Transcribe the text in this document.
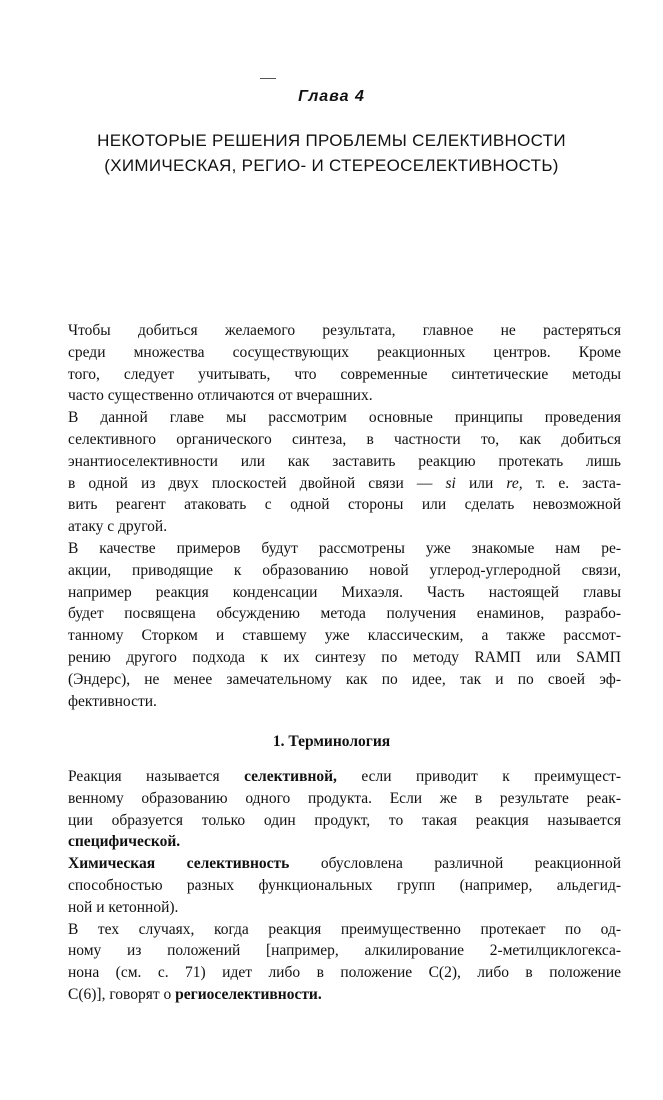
Глава 4
НЕКОТОРЫЕ РЕШЕНИЯ ПРОБЛЕМЫ СЕЛЕКТИВНОСТИ
(ХИМИЧЕСКАЯ, РЕГИО- И СТЕРЕОСЕЛЕКТИВНОСТЬ)
Чтобы добиться желаемого результата, главное не растеряться
среди множества сосуществующих реакционных центров. Кроме
того, следует учитывать, что современные синтетические методы
часто существенно отличаются от вчерашних.
В данной главе мы рассмотрим основные принципы проведения
селективного органического синтеза, в частности то, как добиться
энантиоселективности или как заставить реакцию протекать лишь
в одной из двух плоскостей двойной связи — si или re, т. е. заста-
вить реагент атаковать с одной стороны или сделать невозможной
атаку с другой.
В качестве примеров будут рассмотрены уже знакомые нам ре-
акции, приводящие к образованию новой углерод-углеродной связи,
например реакция конденсации Михаэля. Часть настоящей главы
будет посвящена обсуждению метода получения енаминов, разрабо-
танному Сторком и ставшему уже классическим, а также рассмот-
рению другого подхода к их синтезу по методу RAMП или SAMП
(Эндерс), не менее замечательному как по идее, так и по своей эф-
фективности.
1. Терминология
Реакция называется селективной, если приводит к преимущест-
венному образованию одного продукта. Если же в результате реак-
ции образуется только один продукт, то такая реакция называется
специфической.
Химическая селективность обусловлена различной реакционной
способностью разных функциональных групп (например, альдегид-
ной и кетонной).
В тех случаях, когда реакция преимущественно протекает по од-
ному из положений [например, алкилирование 2-метилциклогекса-
нона (см. с. 71) идет либо в положение С(2), либо в положение
С(6)], говорят о региоселективности.
